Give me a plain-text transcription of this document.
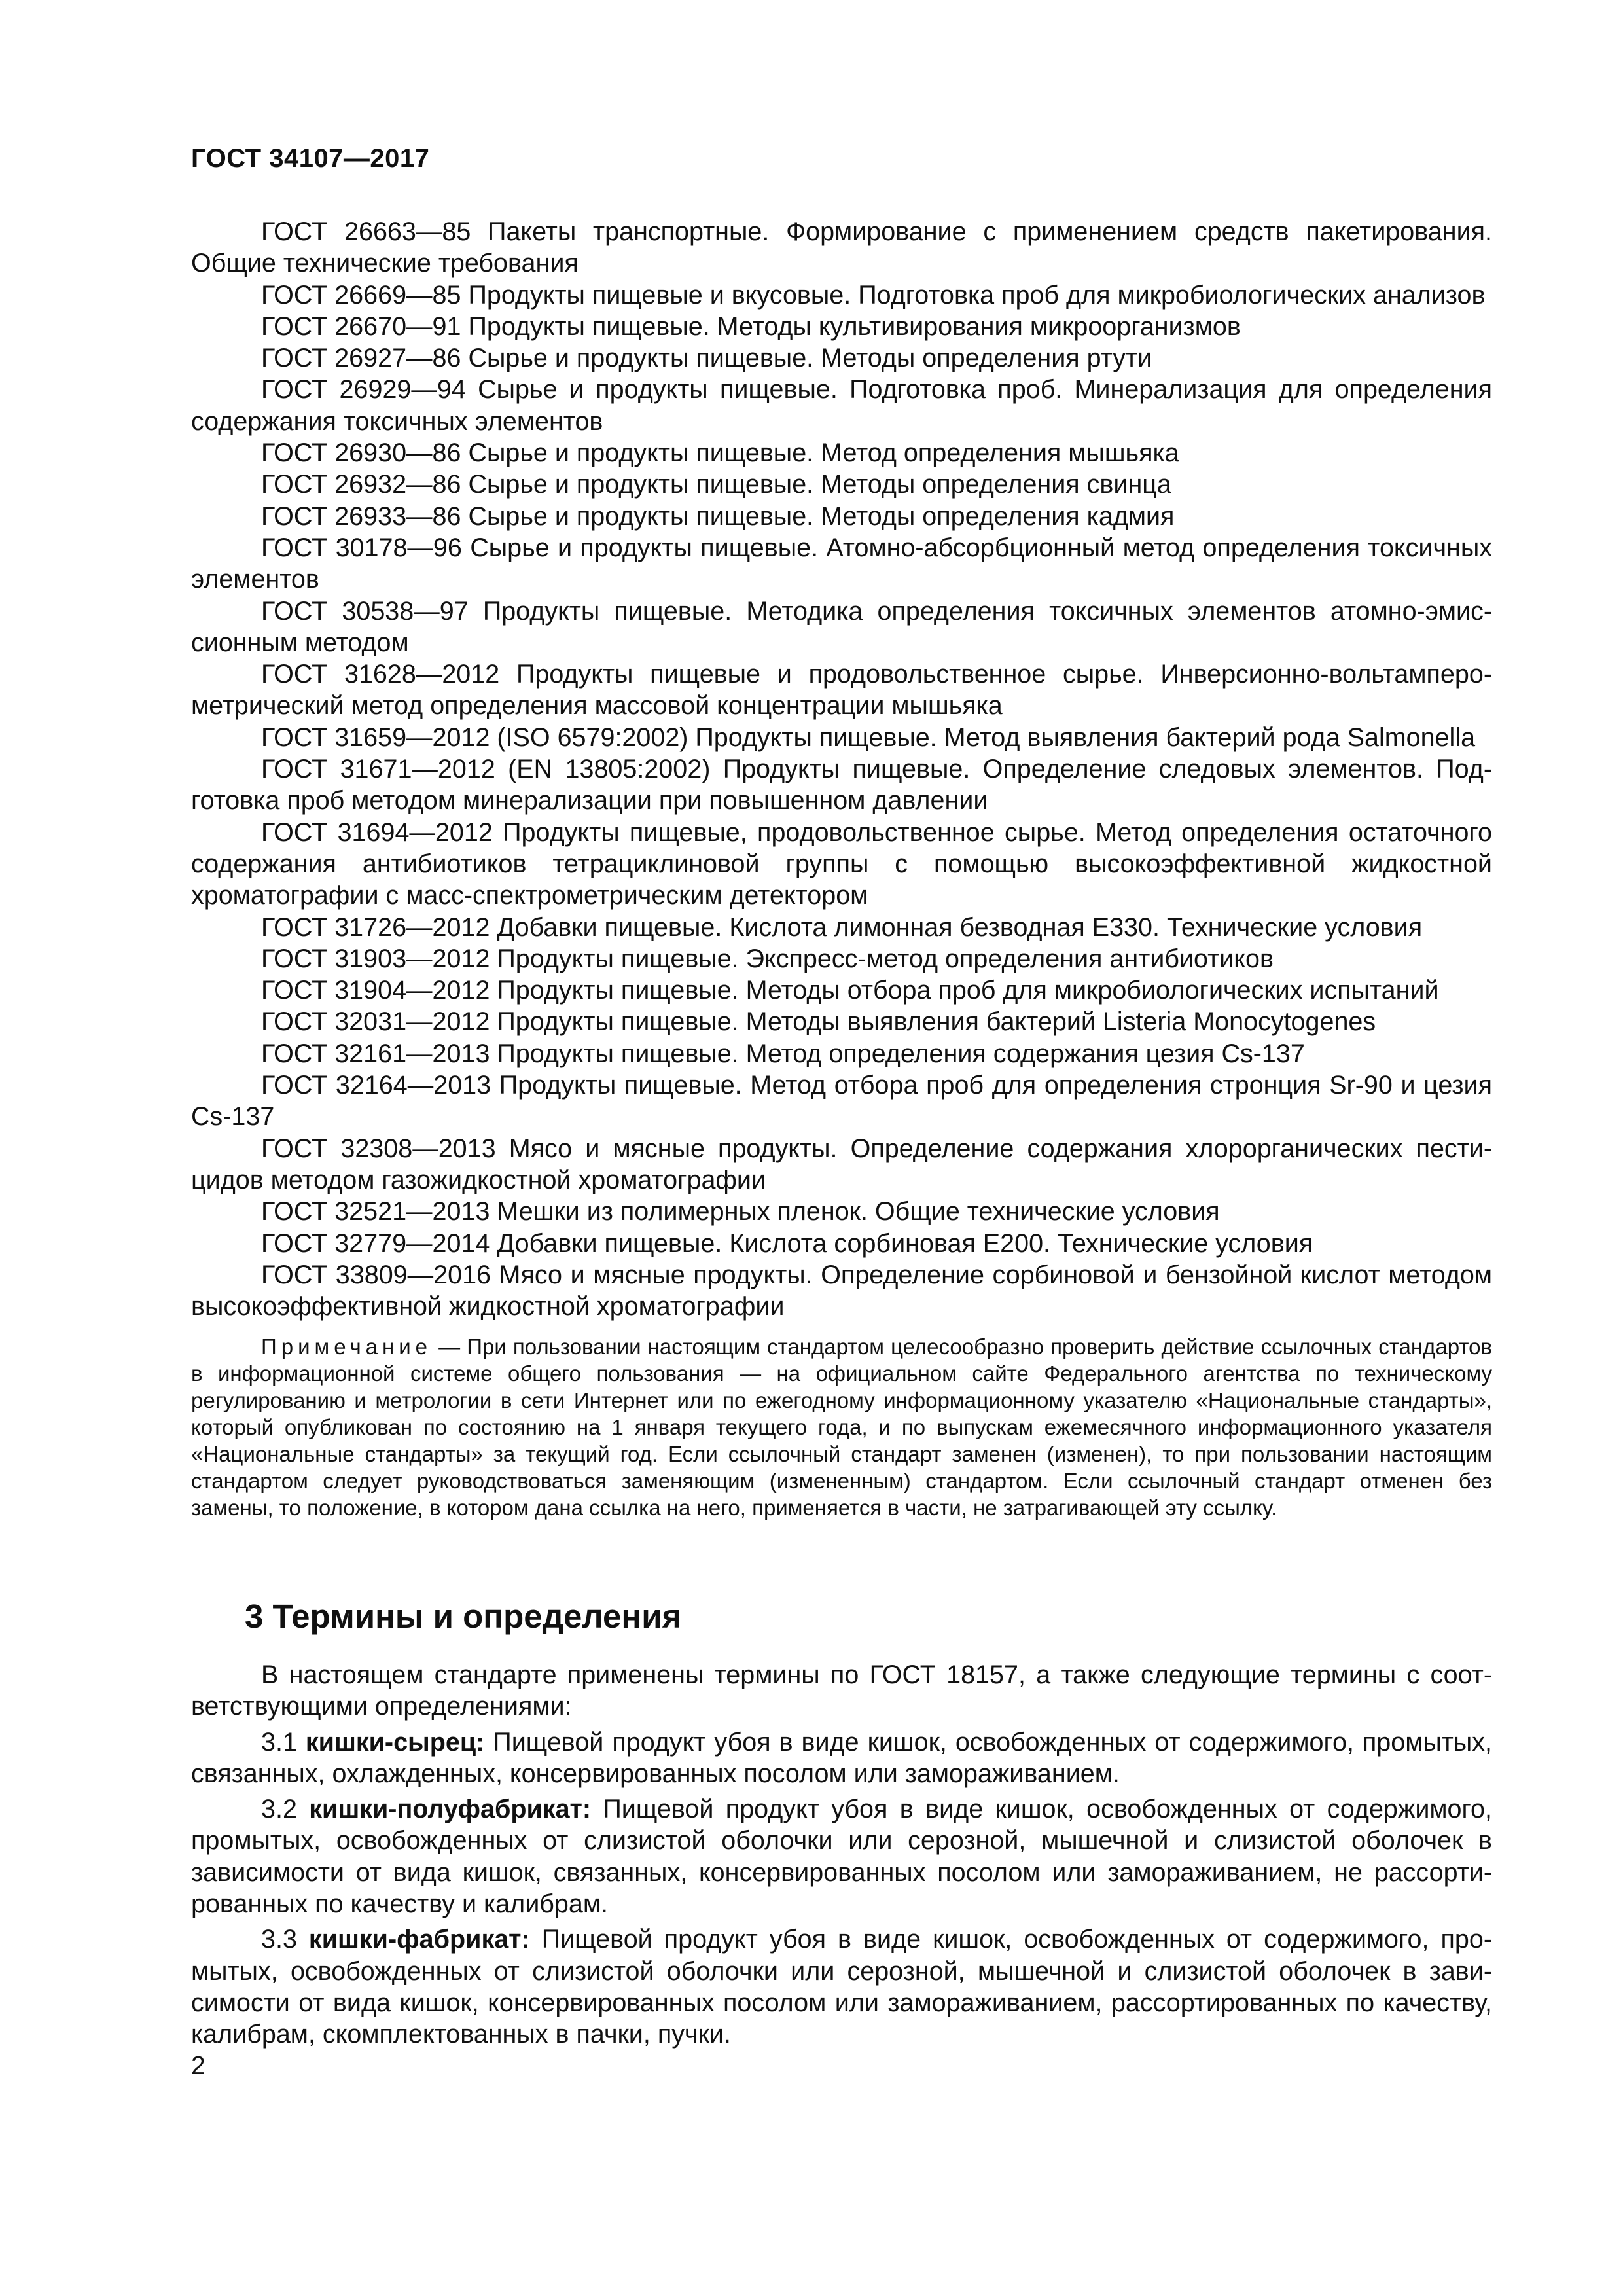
ГОСТ 34107—2017

ГОСТ 26663—85 Пакеты транспортные. Формирование с применением средств пакетирования. Общие технические требования

ГОСТ 26669—85 Продукты пищевые и вкусовые. Подготовка проб для микробиологических анализов

ГОСТ 26670—91 Продукты пищевые. Методы культивирования микроорганизмов

ГОСТ 26927—86 Сырье и продукты пищевые. Методы определения ртути

ГОСТ 26929—94 Сырье и продукты пищевые. Подготовка проб. Минерализация для определения содержания токсичных элементов

ГОСТ 26930—86 Сырье и продукты пищевые. Метод определения мышьяка

ГОСТ 26932—86 Сырье и продукты пищевые. Методы определения свинца

ГОСТ 26933—86 Сырье и продукты пищевые. Методы определения кадмия

ГОСТ 30178—96 Сырье и продукты пищевые. Атомно-абсорбционный метод определения токсичных элементов

ГОСТ 30538—97 Продукты пищевые. Методика определения токсичных элементов атомно-эмиссионным методом

ГОСТ 31628—2012 Продукты пищевые и продовольственное сырье. Инверсионно-вольтампеpoметрический метод определения массовой концентрации мышьяка

ГОСТ 31659—2012 (ISO 6579:2002) Продукты пищевые. Метод выявления бактерий рода Salmonella

ГОСТ 31671—2012 (EN 13805:2002) Продукты пищевые. Определение следовых элементов. Подготовка проб методом минерализации при повышенном давлении

ГОСТ 31694—2012 Продукты пищевые, продовольственное сырье. Метод определения остаточного содержания антибиотиков тетрациклиновой группы с помощью высокоэффективной жидкостной хроматографии с масс-спектрометрическим детектором

ГОСТ 31726—2012 Добавки пищевые. Кислота лимонная безводная Е330. Технические условия

ГОСТ 31903—2012 Продукты пищевые. Экспресс-метод определения антибиотиков

ГОСТ 31904—2012 Продукты пищевые. Методы отбора проб для микробиологических испытаний

ГОСТ 32031—2012 Продукты пищевые. Методы выявления бактерий Listeria Monocytogenes

ГОСТ 32161—2013 Продукты пищевые. Метод определения содержания цезия Cs-137

ГОСТ 32164—2013 Продукты пищевые. Метод отбора проб для определения стронция Sr-90 и цезия Cs-137

ГОСТ 32308—2013 Мясо и мясные продукты. Определение содержания хлорорганических пестицидов методом газожидкостной хроматографии

ГОСТ 32521—2013 Мешки из полимерных пленок. Общие технические условия

ГОСТ 32779—2014 Добавки пищевые. Кислота сорбиновая Е200. Технические условия

ГОСТ 33809—2016 Мясо и мясные продукты. Определение сорбиновой и бензойной кислот методом высокоэффективной жидкостной хроматографии

Примечание — При пользовании настоящим стандартом целесообразно проверить действие ссылочных стандартов в информационной системе общего пользования — на официальном сайте Федерального агентства по техническому регулированию и метрологии в сети Интернет или по ежегодному информационному указателю «Национальные стандарты», который опубликован по состоянию на 1 января текущего года, и по выпускам ежемесячного информационного указателя «Национальные стандарты» за текущий год. Если ссылочный стандарт заменен (изменен), то при пользовании настоящим стандартом следует руководствоваться заменяющим (измененным) стандартом. Если ссылочный стандарт отменен без замены, то положение, в котором дана ссылка на него, применяется в части, не затрагивающей эту ссылку.

3 Термины и определения

В настоящем стандарте применены термины по ГОСТ 18157, а также следующие термины с соответствующими определениями:

3.1 кишки-сырец: Пищевой продукт убоя в виде кишок, освобожденных от содержимого, промытых, связанных, охлажденных, консервированных посолом или замораживанием.

3.2 кишки-полуфабрикат: Пищевой продукт убоя в виде кишок, освобожденных от содержимого, промытых, освобожденных от слизистой оболочки или серозной, мышечной и слизистой оболочек в зависимости от вида кишок, связанных, консервированных посолом или замораживанием, не рассортированных по качеству и калибрам.

3.3 кишки-фабрикат: Пищевой продукт убоя в виде кишок, освобожденных от содержимого, промытых, освобожденных от слизистой оболочки или серозной, мышечной и слизистой оболочек в зависимости от вида кишок, консервированных посолом или замораживанием, рассортированных по качеству, калибрам, скомплектованных в пачки, пучки.

2
